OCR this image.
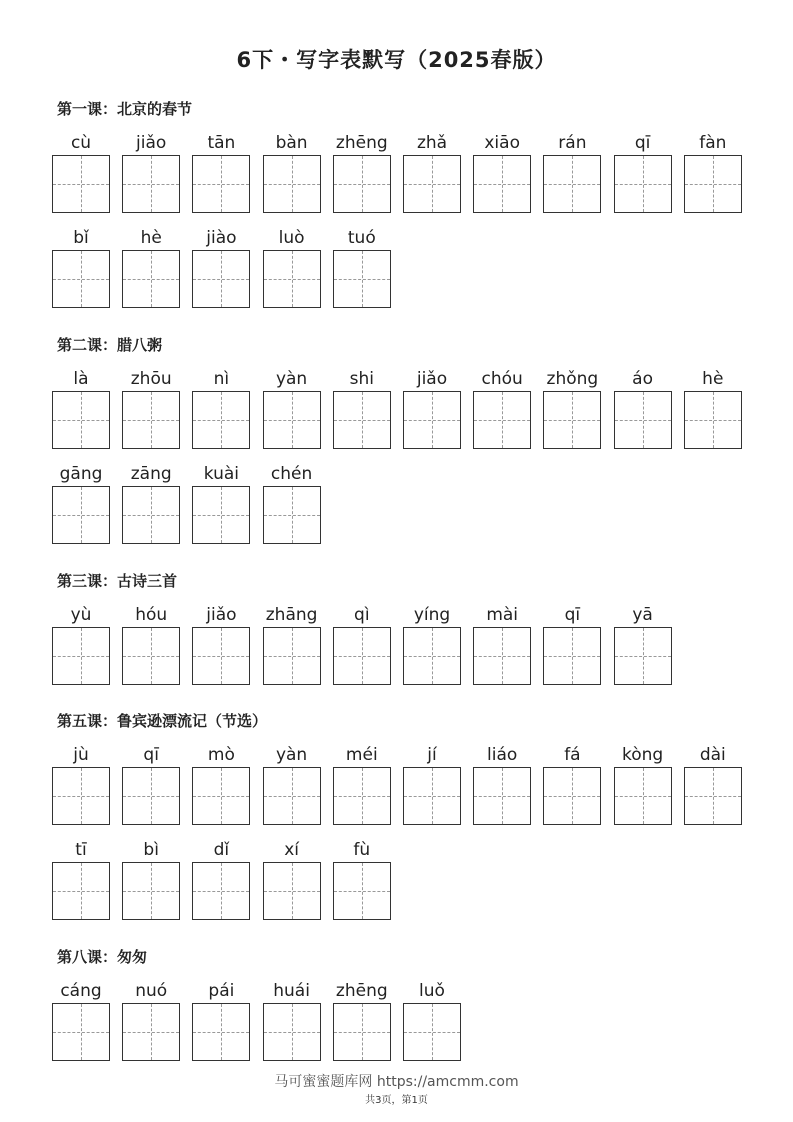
6下・写字表默写（2025春版）
第一课：北京的春节
cù	jiǎo	tān	bàn	zhēng	zhǎ	xiāo	rán	qī	fàn
bǐ	hè	jiào	luò	tuó
第二课：腊八粥
là	zhōu	nì	yàn	shi	jiǎo	chóu	zhǒng	áo	hè
gāng	zāng	kuài	chén
第三课：古诗三首
yù	hóu	jiǎo	zhāng	qì	yíng	mài	qī	yā
第五课：鲁宾逊漂流记（节选）
jù	qī	mò	yàn	méi	jí	liáo	fá	kòng	dài
tī	bì	dǐ	xí	fù
第八课：匆匆
cáng	nuó	pái	huái	zhēng	luǒ
马可蜜蜜题库网 https://amcmm.com
共3页，第1页
